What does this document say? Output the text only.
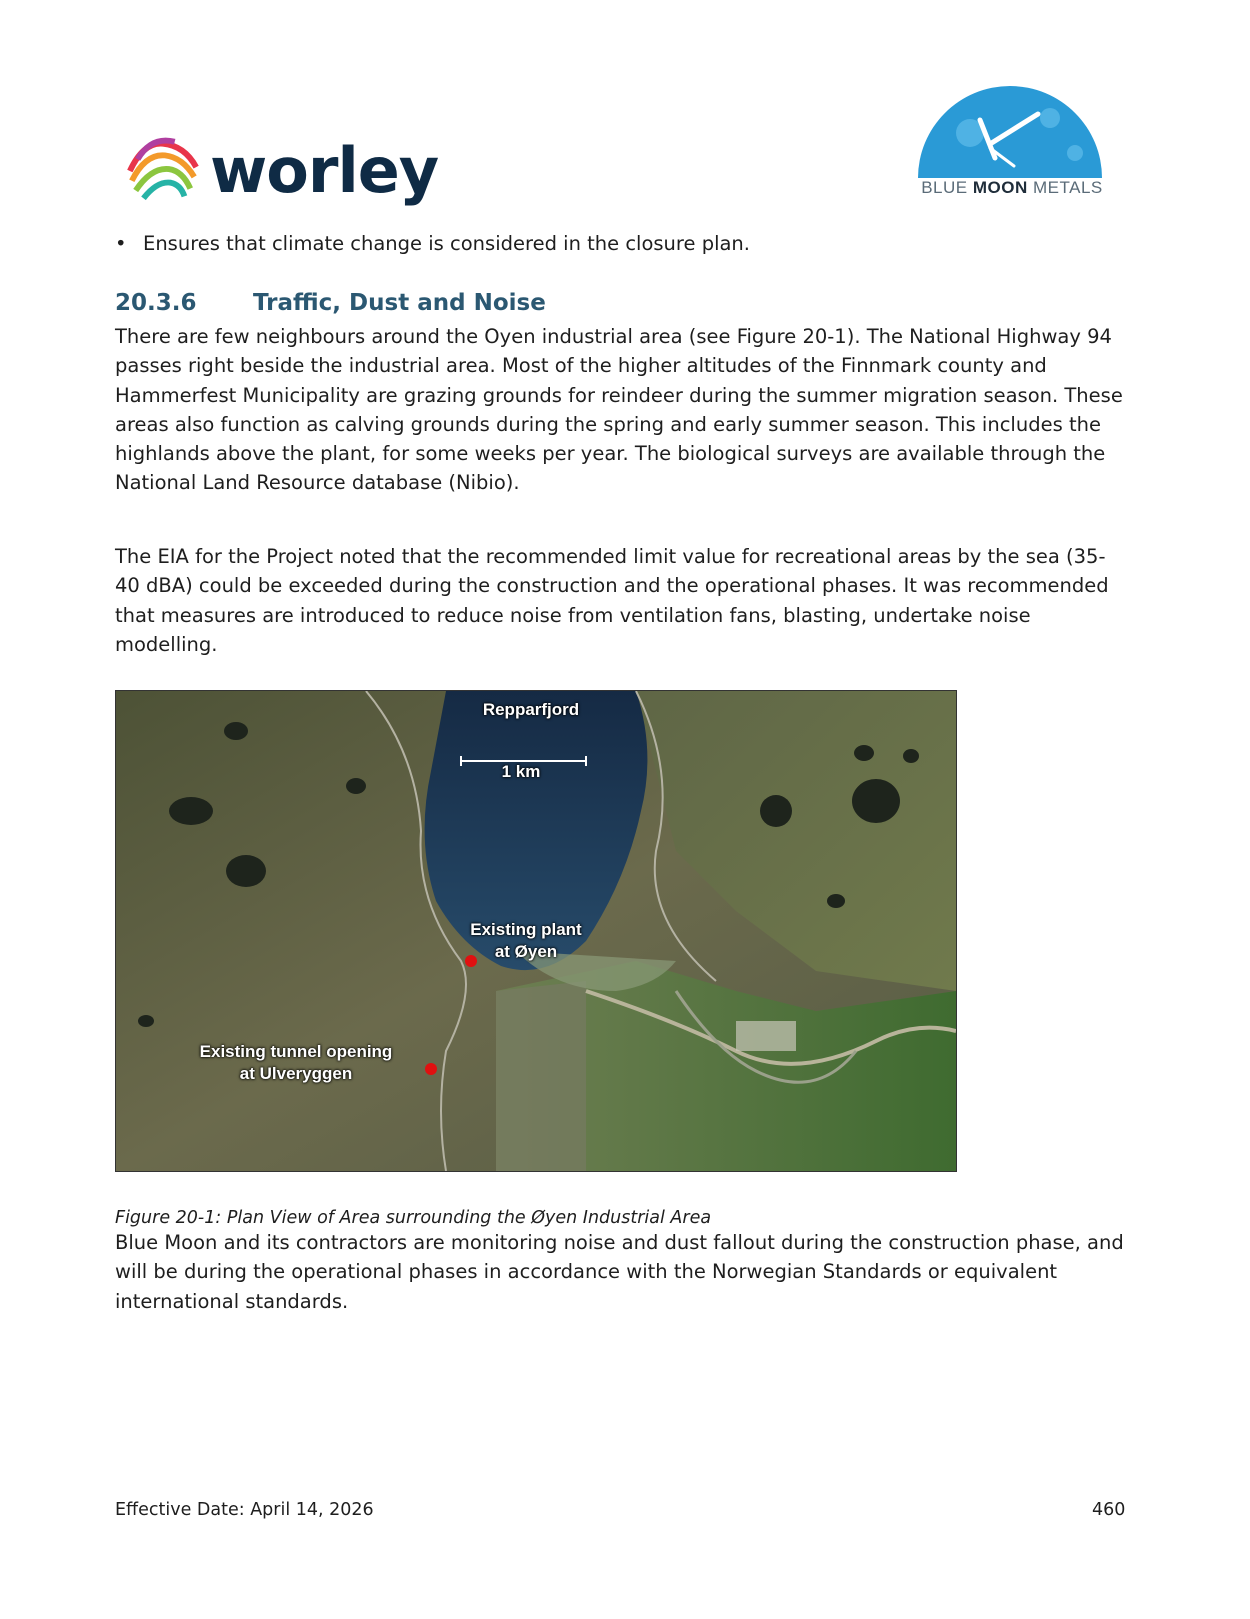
worley	BLUE MOON METALS
• Ensures that climate change is considered in the closure plan.
20.3.6	Traffic, Dust and Noise

There are few neighbours around the Oyen industrial area (see Figure 20-1). The National Highway 94 passes right beside the industrial area. Most of the higher altitudes of the Finnmark county and Hammerfest Municipality are grazing grounds for reindeer during the summer migration season. These areas also function as calving grounds during the spring and early summer season. This includes the highlands above the plant, for some weeks per year. The biological surveys are available through the National Land Resource database (Nibio).

The EIA for the Project noted that the recommended limit value for recreational areas by the sea (35-40 dBA) could be exceeded during the construction and the operational phases. It was recommended that measures are introduced to reduce noise from ventilation fans, blasting, undertake noise modelling.

Repparfjord
1 km
Existing plant
at Øyen
Existing tunnel opening
at Ulveryggen
Figure 20-1: Plan View of Area surrounding the Øyen Industrial Area

Blue Moon and its contractors are monitoring noise and dust fallout during the construction phase, and will be during the operational phases in accordance with the Norwegian Standards or equivalent international standards.

Effective Date: April 14, 2026	460
